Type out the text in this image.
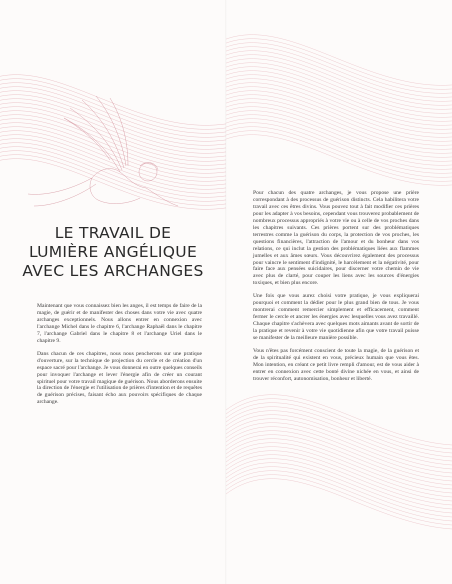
LE TRAVAIL DE
LUMIÈRE ANGÉLIQUE
AVEC LES ARCHANGES

Maintenant que vous connaissez bien les anges, il est temps de faire de la magie, de guérir et de manifester des choses dans votre vie avec quatre archanges exceptionnels. Nous allons entrer en connexion avec l'archange Michel dans le chapitre 6, l'archange Raphaël dans le chapitre 7, l'archange Gabriel dans le chapitre 8 et l'archange Uriel dans le chapitre 9.

Dans chacun de ces chapitres, nous nous pencherons sur une pratique d'ouverture, sur la technique de projection du cercle et de création d'un espace sacré pour l'archange. Je vous donnerai en outre quelques conseils pour invoquer l'archange et lever l'énergie afin de créer un courant spirituel pour votre travail magique de guérison. Nous aborderons ensuite la direction de l'énergie et l'utilisation de prières d'intention et de requêtes de guérison précises, faisant écho aux pouvoirs spécifiques de chaque archange.

Pour chacun des quatre archanges, je vous propose une prière correspondant à des processus de guérison distincts. Cela habilitera votre travail avec ces êtres divins. Vous pouvez tout à fait modifier ces prières pour les adapter à vos besoins, cependant vous trouverez probablement de nombreux processus appropriés à votre vie ou à celle de vos proches dans les chapitres suivants. Ces prières portent sur des problématiques terrestres comme la guérison du corps, la protection de vos proches, les questions financières, l'attraction de l'amour et du bonheur dans vos relations, ce qui inclut la gestion des problématiques liées aux flammes jumelles et aux âmes sœurs. Vous découvrirez également des processus pour vaincre le sentiment d'indignité, le harcèlement et la négativité, pour faire face aux pensées suicidaires, pour discerner votre chemin de vie avec plus de clarté, pour couper les liens avec les sources d'énergies toxiques, et bien plus encore.

Une fois que vous aurez choisi votre pratique, je vous expliquerai pourquoi et comment la dédier pour le plus grand bien de tous. Je vous montrerai comment remercier simplement et efficacement, comment fermer le cercle et ancrer les énergies avec lesquelles vous avez travaillé. Chaque chapitre s'achèvera avec quelques mots aimants avant de sortir de la pratique et revenir à votre vie quotidienne afin que votre travail puisse se manifester de la meilleure manière possible.

Vous n'êtes pas forcément conscient de toute la magie, de la guérison et de la spiritualité qui existent en vous, précieux humain que vous êtes. Mon intention, en créant ce petit livre rempli d'amour, est de vous aider à entrer en connexion avec cette bonté divine nichée en vous, et ainsi de trouver réconfort, autonomisation, bonheur et liberté.
